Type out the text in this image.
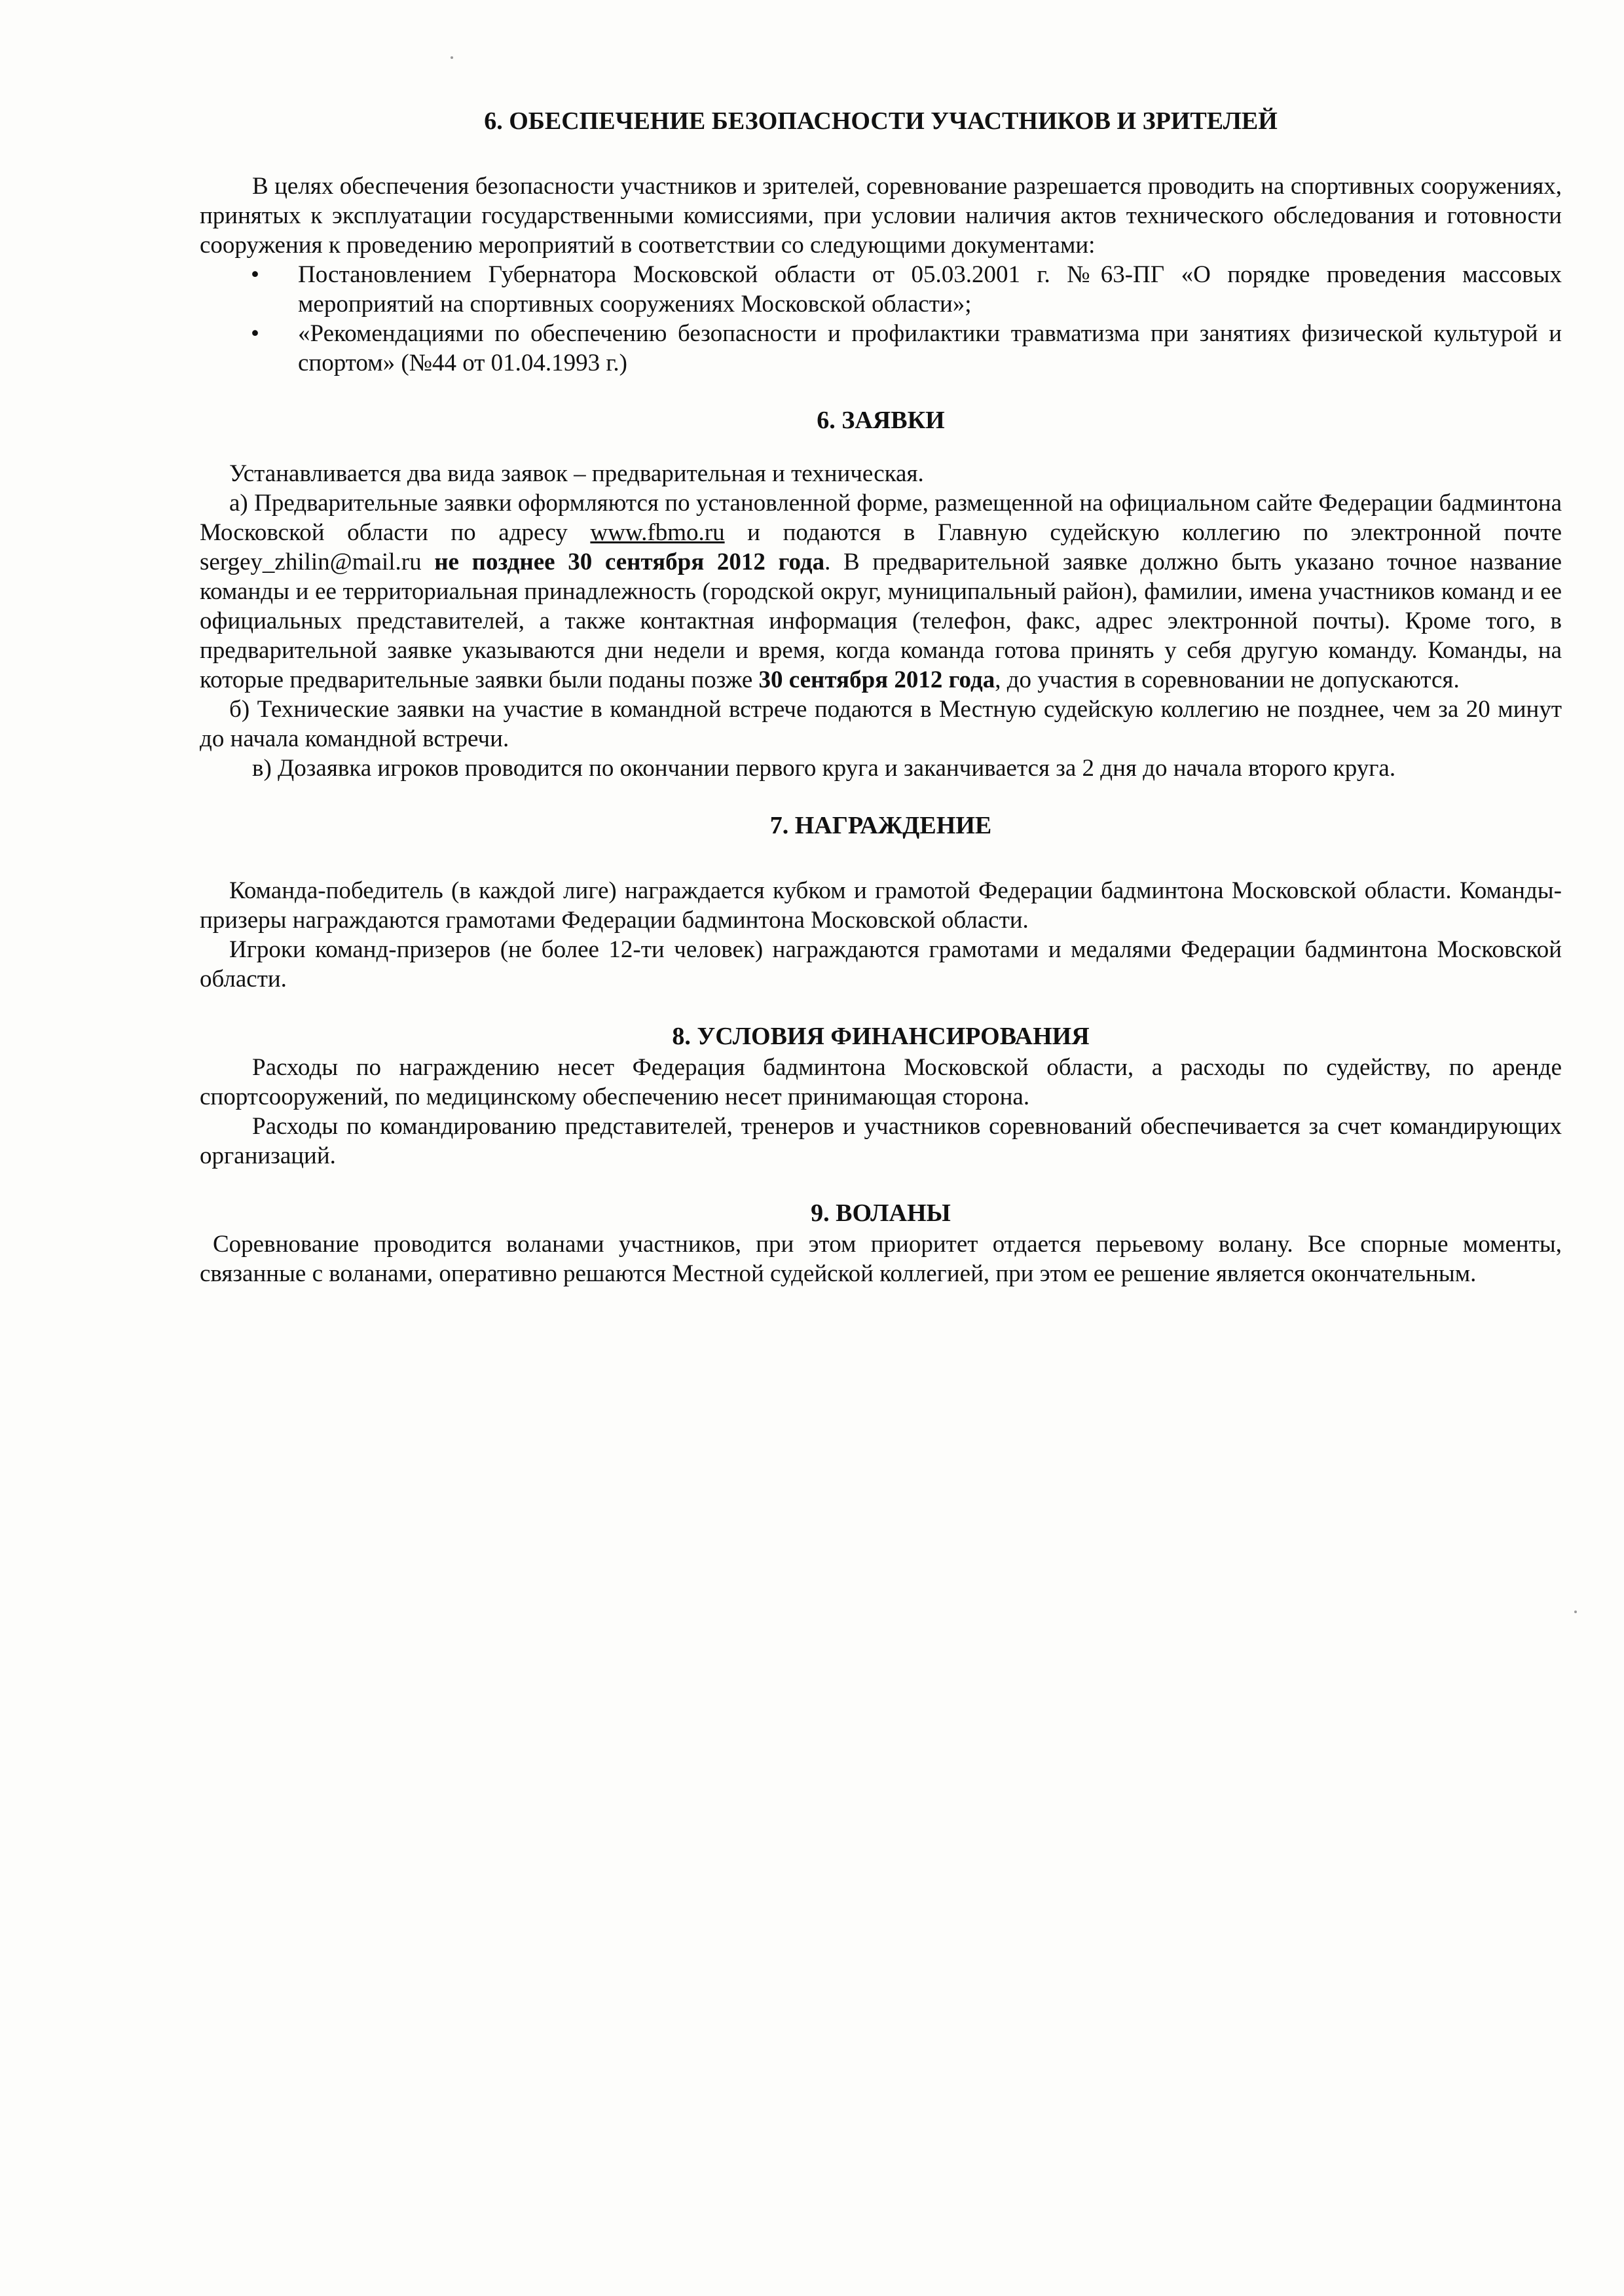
6. ОБЕСПЕЧЕНИЕ БЕЗОПАСНОСТИ УЧАСТНИКОВ И ЗРИТЕЛЕЙ

В целях обеспечения безопасности участников и зрителей, соревнование разрешается проводить на спортивных сооружениях, принятых к эксплуатации государственными комиссиями, при условии наличия актов технического обследования и готовности сооружения к проведению мероприятий в соответствии со следующими документами:

• Постановлением Губернатора Московской области от 05.03.2001 г. №63-ПГ «О порядке проведения массовых мероприятий на спортивных сооружениях Московской области»;
• «Рекомендациями по обеспечению безопасности и профилактики травматизма при занятиях физической культурой и спортом» (№44 от 01.04.1993 г.)
6. ЗАЯВКИ

Устанавливается два вида заявок – предварительная и техническая.

а) Предварительные заявки оформляются по установленной форме, размещенной на официальном сайте Федерации бадминтона Московской области по адресу www.fbmo.ru и подаются в Главную судейскую коллегию по электронной почте sergey_zhilin@mail.ru не позднее 30 сентября 2012 года. В предварительной заявке должно быть указано точное название команды и ее территориальная принадлежность (городской округ, муниципальный район), фамилии, имена участников команд и ее официальных представителей, а также контактная информация (телефон, факс, адрес электронной почты). Кроме того, в предварительной заявке указываются дни недели и время, когда команда готова принять у себя другую команду. Команды, на которые предварительные заявки были поданы позже 30 сентября 2012 года, до участия в соревновании не допускаются.

б) Технические заявки на участие в командной встрече подаются в Местную судейскую коллегию не позднее, чем за 20 минут до начала командной встречи.

в) Дозаявка игроков проводится по окончании первого круга и заканчивается за 2 дня до начала второго круга.

7. НАГРАЖДЕНИЕ

Команда-победитель (в каждой лиге) награждается кубком и грамотой Федерации бадминтона Московской области. Команды-призеры награждаются грамотами Федерации бадминтона Московской области.

Игроки команд-призеров (не более 12-ти человек) награждаются грамотами и медалями Федерации бадминтона Московской области.

8. УСЛОВИЯ ФИНАНСИРОВАНИЯ

Расходы по награждению несет Федерация бадминтона Московской области, а расходы по судейству, по аренде спортсооружений, по медицинскому обеспечению несет принимающая сторона.

Расходы по командированию представителей, тренеров и участников соревнований обеспечивается за счет командирующих организаций.

9. ВОЛАНЫ

Соревнование проводится воланами участников, при этом приоритет отдается перьевому волану. Все спорные моменты, связанные с воланами, оперативно решаются Местной судейской коллегией, при этом ее решение является окончательным.
